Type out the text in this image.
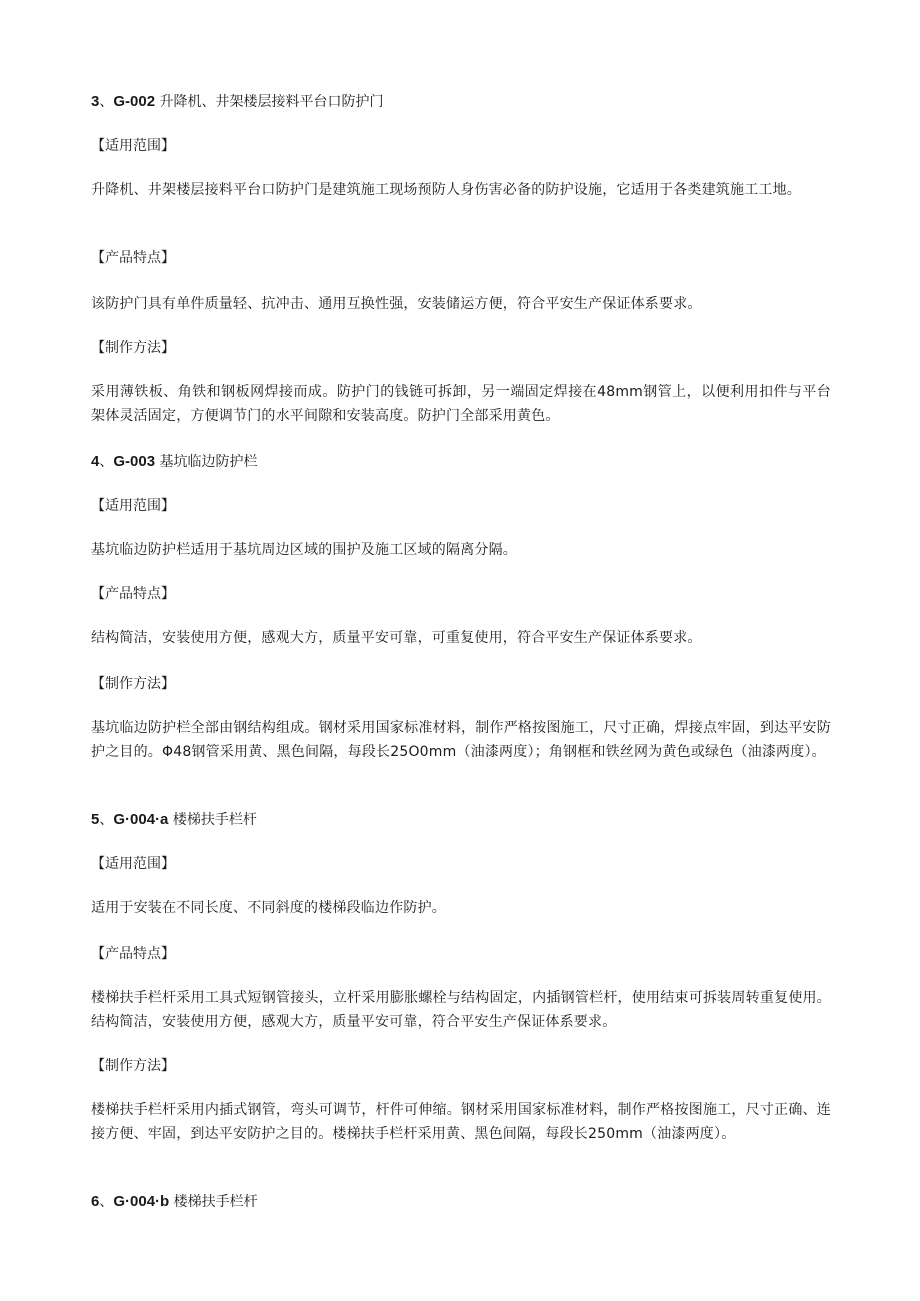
3、G-002 升降机、井架楼层接料平台口防护门
【适用范围】
升降机、井架楼层接料平台口防护门是建筑施工现场预防人身伤害必备的防护设施，它适用于各类建筑施工工地。
【产品特点】
该防护门具有单件质量轻、抗冲击、通用互换性强，安装储运方便，符合平安生产保证体系要求。
【制作方法】
采用薄铁板、角铁和钢板网焊接而成。防护门的钱链可拆卸，另一端固定焊接在48mm钢管上，以便利用扣件与平台架体灵活固定，方便调节门的水平间隙和安装高度。防护门全部采用黄色。
4、G-003 基坑临边防护栏
【适用范围】
基坑临边防护栏适用于基坑周边区域的围护及施工区域的隔离分隔。
【产品特点】
结构简洁，安装使用方便，感观大方，质量平安可靠，可重复使用，符合平安生产保证体系要求。
【制作方法】
基坑临边防护栏全部由钢结构组成。钢材采用国家标准材料，制作严格按图施工，尺寸正确，焊接点牢固，到达平安防护之目的。Φ48钢管采用黄、黑色间隔，每段长25O0mm（油漆两度）；角钢框和铁丝网为黄色或绿色（油漆两度）。
5、G·004·a 楼梯扶手栏杆
【适用范围】
适用于安装在不同长度、不同斜度的楼梯段临边作防护。
【产品特点】
楼梯扶手栏杆采用工具式短钢管接头，立杆采用膨胀螺栓与结构固定，内插钢管栏杆，使用结束可拆装周转重复使用。结构简洁，安装使用方便，感观大方，质量平安可靠，符合平安生产保证体系要求。
【制作方法】
楼梯扶手栏杆采用内插式钢管，弯头可调节，杆件可伸缩。钢材采用国家标准材料，制作严格按图施工，尺寸正确、连接方便、牢固，到达平安防护之目的。楼梯扶手栏杆采用黄、黑色间隔，每段长250mm（油漆两度）。
6、G·004·b 楼梯扶手栏杆
